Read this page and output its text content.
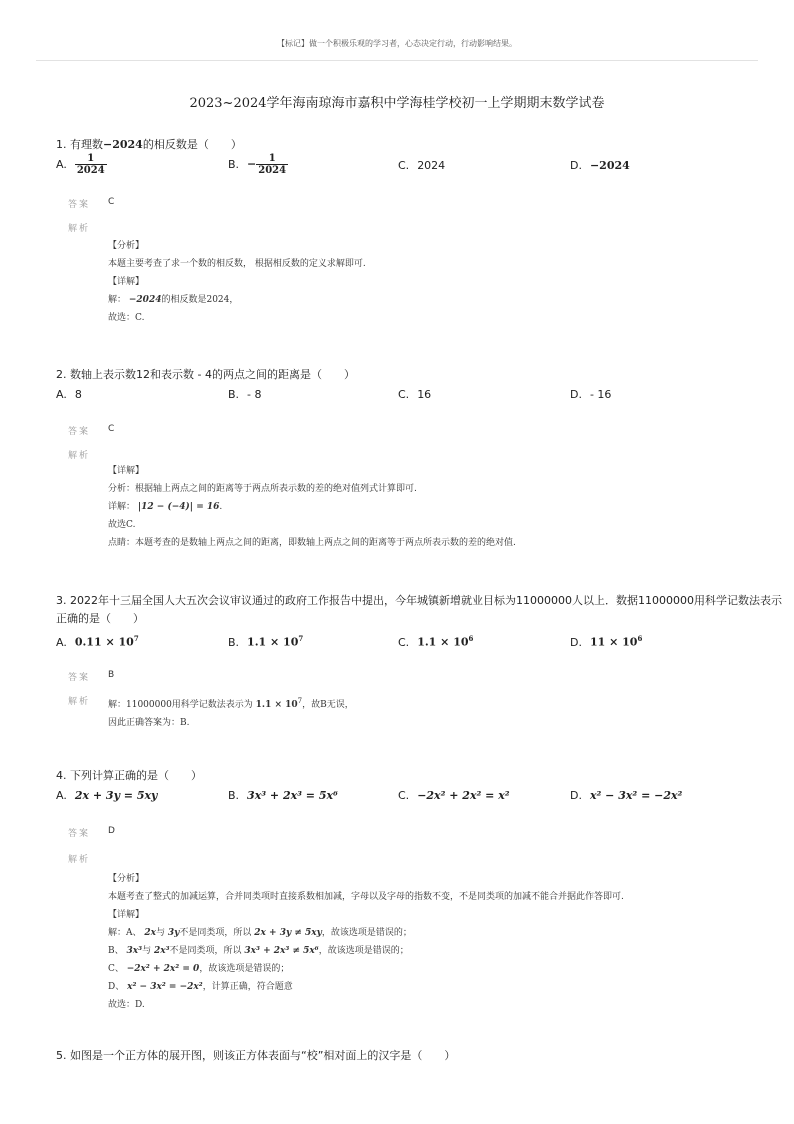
【标记】做一个积极乐观的学习者，心态决定行动，行动影响结果。
2023~2024学年海南琼海市嘉积中学海桂学校初一上学期期末数学试卷
1. 有理数−2024的相反数是（　　）
A. $\frac{1}{2024}$	B. − $\frac{1}{2024}$	C. 2024	D. −2024
答案 C
解析
【分析】
本题主要考查了求一个数的相反数， 根据相反数的定义求解即可.
【详解】
解： −2024的相反数是2024，
故选：C.
2. 数轴上表示数12和表示数 - 4的两点之间的距离是（　　）
A. 8	B. - 8	C. 16	D. - 16
答案 C
解析
【详解】
分析：根据轴上两点之间的距离等于两点所表示数的差的绝对值列式计算即可.
详解： |12 − (−4)| = 16.
故选C.
点睛：本题考查的是数轴上两点之间的距离，即数轴上两点之间的距离等于两点所表示数的差的绝对值.
3. 2022年十三届全国人大五次会议审议通过的政府工作报告中提出，今年城镇新增就业目标为11000000人以上．数据11000000用科学记数法表示
正确的是（　　）
A. $0.11 \times 10^7$	B. $1.1 \times 10^7$	C. $1.1 \times 10^6$	D. $11 \times 10^6$
答案 B
解析 解：11000000用科学记数法表示为 $1.1 \times 10^7$，故B无误，
因此正确答案为：B.
4. 下列计算正确的是（　　）
A. 2x + 3y = 5xy	B. 3x³ + 2x³ = 5x⁶	C. −2x² + 2x² = x²	D. x² − 3x² = −2x²
答案 D
解析
【分析】
本题考查了整式的加减运算，合并同类项时直接系数相加减，字母以及字母的指数不变，不是同类项的加减不能合并据此作答即可.
【详解】
解：A、 2x与 3y不是同类项，所以 2x + 3y ≠ 5xy，故该选项是错误的；
B、 3x³与 2x³不是同类项，所以 3x³ + 2x³ ≠ 5x⁶，故该选项是错误的；
C、 −2x² + 2x² = 0，故该选项是错误的；
D、 x² − 3x² = −2x²，计算正确，符合题意
故选：D.
5. 如图是一个正方体的展开图，则该正方体表面与“校”相对面上的汉字是（　　）
